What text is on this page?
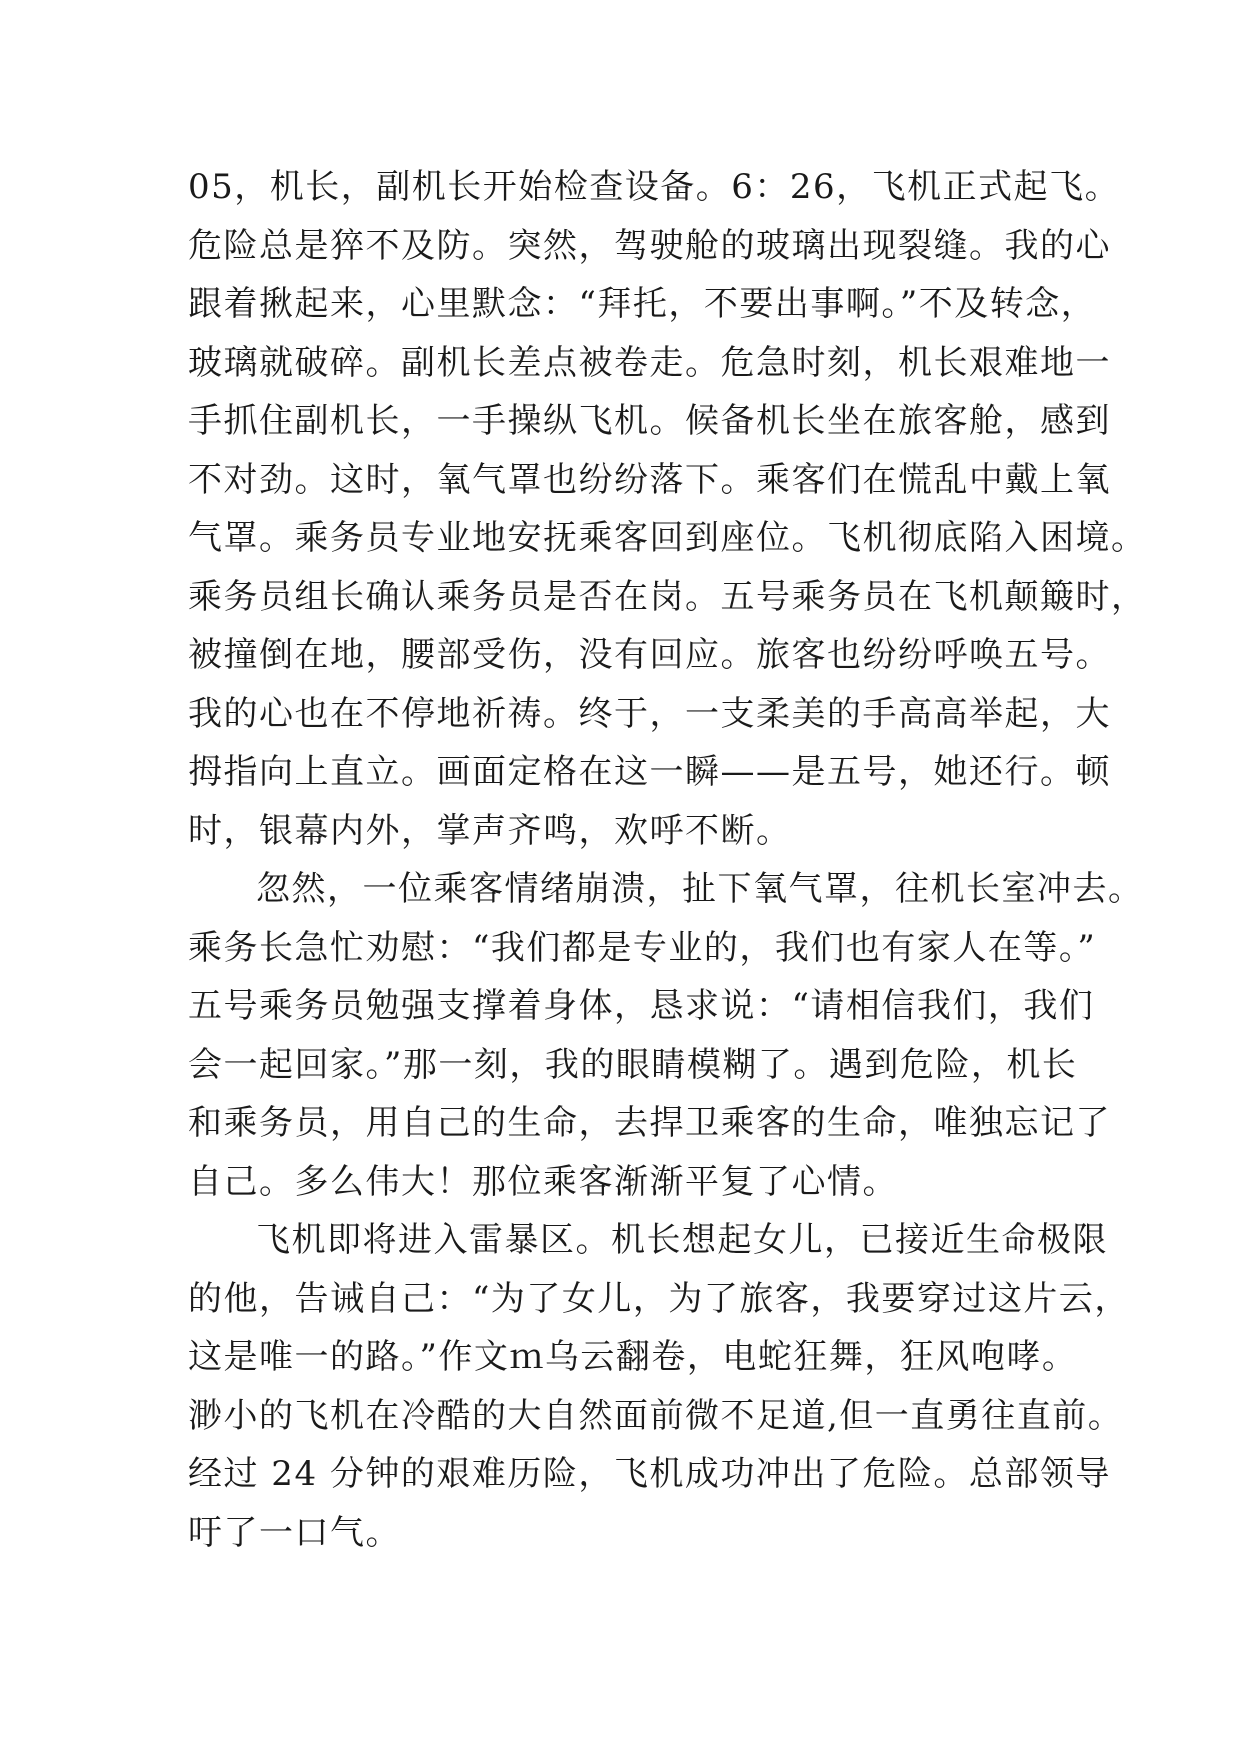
05，机长，副机长开始检查设备。6：26，飞机正式起飞。
危险总是猝不及防。突然，驾驶舱的玻璃出现裂缝。我的心
跟着揪起来，心里默念：“拜托，不要出事啊。”不及转念，
玻璃就破碎。副机长差点被卷走。危急时刻，机长艰难地一
手抓住副机长，一手操纵飞机。候备机长坐在旅客舱，感到
不对劲。这时，氧气罩也纷纷落下。乘客们在慌乱中戴上氧
气罩。乘务员专业地安抚乘客回到座位。飞机彻底陷入困境。
乘务员组长确认乘务员是否在岗。五号乘务员在飞机颠簸时，
被撞倒在地，腰部受伤，没有回应。旅客也纷纷呼唤五号。
我的心也在不停地祈祷。终于，一支柔美的手高高举起，大
拇指向上直立。画面定格在这一瞬——是五号，她还行。顿
时，银幕内外，掌声齐鸣，欢呼不断。
忽然，一位乘客情绪崩溃，扯下氧气罩，往机长室冲去。
乘务长急忙劝慰：“我们都是专业的，我们也有家人在等。”
五号乘务员勉强支撑着身体，恳求说：“请相信我们，我们
会一起回家。”那一刻，我的眼睛模糊了。遇到危险，机长
和乘务员，用自己的生命，去捍卫乘客的生命，唯独忘记了
自己。多么伟大！那位乘客渐渐平复了心情。
飞机即将进入雷暴区。机长想起女儿，已接近生命极限
的他，告诫自己：“为了女儿，为了旅客，我要穿过这片云，
这是唯一的路。”作文ｍ乌云翻卷，电蛇狂舞，狂风咆哮。
渺小的飞机在冷酷的大自然面前微不足道,但一直勇往直前。
经过 24 分钟的艰难历险，飞机成功冲出了危险。总部领导
吁了一口气。
